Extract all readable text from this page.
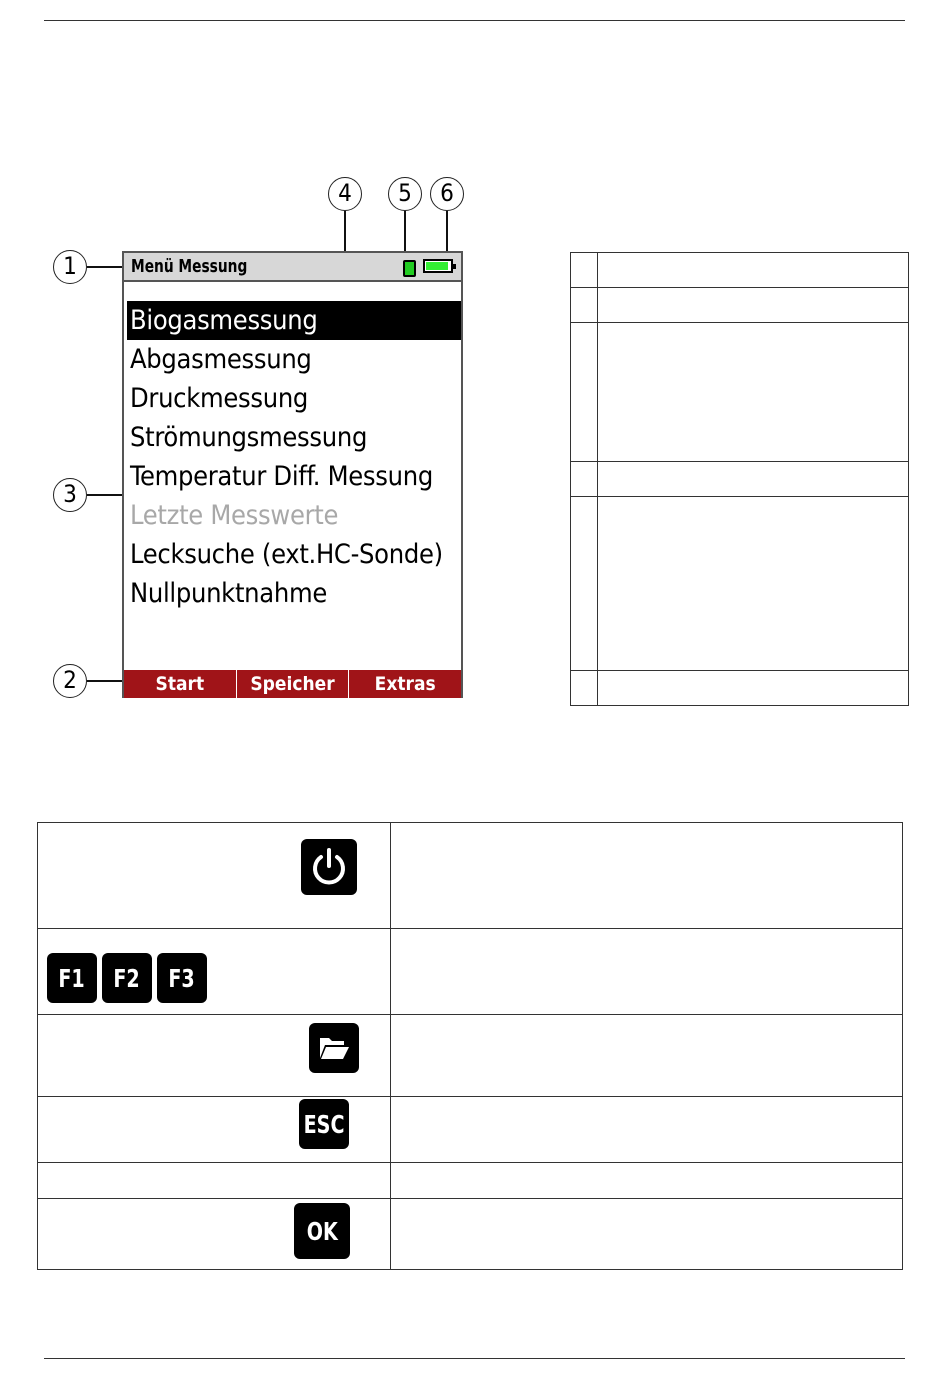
4	5	6
1
3
2
Menü Messung
Biogasmessung
Abgasmessung
Druckmessung
Strömungsmessung
Temperatur Diff. Messung
Letzte Messwerte
Lecksuche (ext.HC-Sonde)
Nullpunktnahme
Start	Speicher	Extras

F1 F2 F3	

ESC	

OK	
